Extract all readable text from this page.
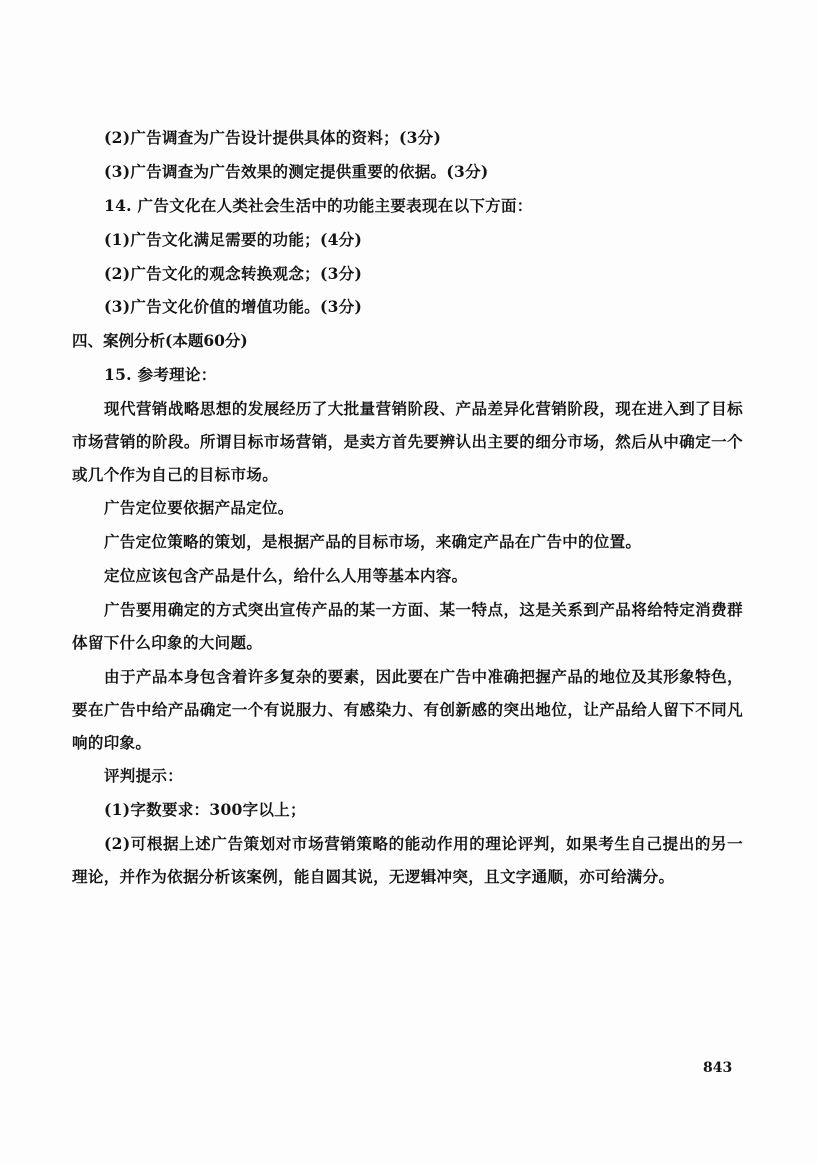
(2)广告调查为广告设计提供具体的资料；(3分)
(3)广告调查为广告效果的测定提供重要的依据。(3分)
14. 广告文化在人类社会生活中的功能主要表现在以下方面：
(1)广告文化满足需要的功能；(4分)
(2)广告文化的观念转换观念；(3分)
(3)广告文化价值的增值功能。(3分)
四、案例分析(本题60分)
15. 参考理论：
现代营销战略思想的发展经历了大批量营销阶段、产品差异化营销阶段，现在进入到了目标市场营销的阶段。所谓目标市场营销，是卖方首先要辨认出主要的细分市场，然后从中确定一个或几个作为自己的目标市场。
广告定位要依据产品定位。
广告定位策略的策划，是根据产品的目标市场，来确定产品在广告中的位置。
定位应该包含产品是什么，给什么人用等基本内容。
广告要用确定的方式突出宣传产品的某一方面、某一特点，这是关系到产品将给特定消费群体留下什么印象的大问题。
由于产品本身包含着许多复杂的要素，因此要在广告中准确把握产品的地位及其形象特色，要在广告中给产品确定一个有说服力、有感染力、有创新感的突出地位，让产品给人留下不同凡响的印象。
评判提示：
(1)字数要求：300字以上；
(2)可根据上述广告策划对市场营销策略的能动作用的理论评判，如果考生自己提出的另一理论，并作为依据分析该案例，能自圆其说，无逻辑冲突，且文字通顺，亦可给满分。
843
